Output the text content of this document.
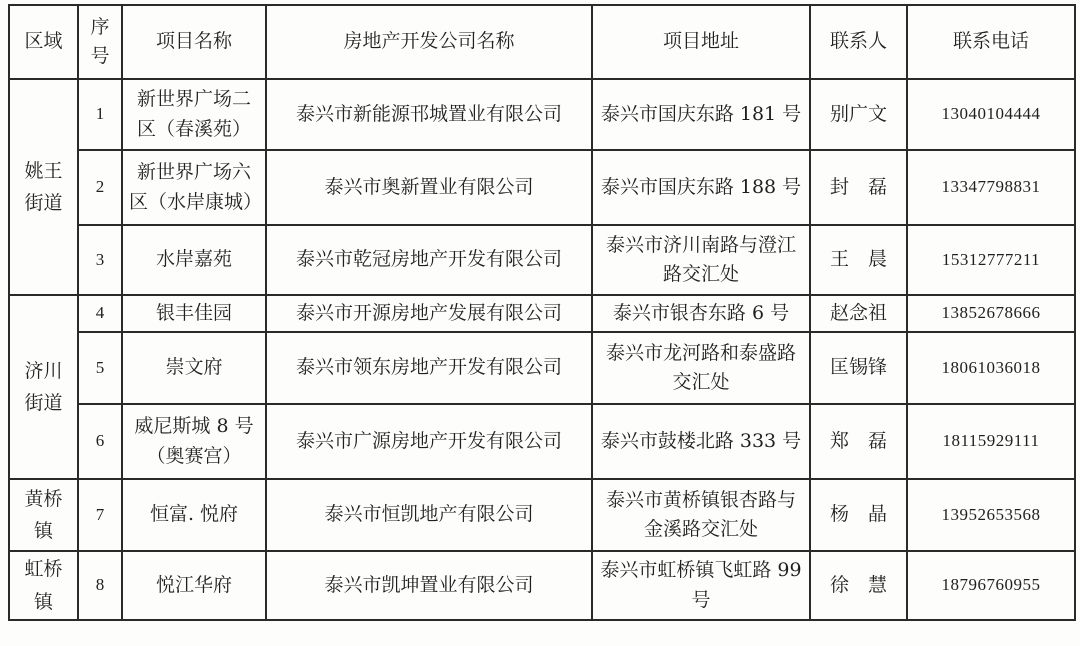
区域	序号	项目名称	房地产开发公司名称	项目地址	联系人	联系电话
姚王街道	1	新世界广场二区（春溪苑）	泰兴市新能源邗城置业有限公司	泰兴市国庆东路 181 号	别广文	13040104444
	2	新世界广场六区（水岸康城）	泰兴市奥新置业有限公司	泰兴市国庆东路 188 号	封　磊	13347798831
	3	水岸嘉苑	泰兴市乾冠房地产开发有限公司	泰兴市济川南路与澄江路交汇处	王　晨	15312777211
济川街道	4	银丰佳园	泰兴市开源房地产发展有限公司	泰兴市银杏东路 6 号	赵念祖	13852678666
	5	崇文府	泰兴市领东房地产开发有限公司	泰兴市龙河路和泰盛路交汇处	匡锡锋	18061036018
	6	威尼斯城 8 号（奥赛宫）	泰兴市广源房地产开发有限公司	泰兴市鼓楼北路 333 号	郑　磊	18115929111
黄桥镇	7	恒富. 悦府	泰兴市恒凯地产有限公司	泰兴市黄桥镇银杏路与金溪路交汇处	杨　晶	13952653568
虹桥镇	8	悦江华府	泰兴市凯坤置业有限公司	泰兴市虹桥镇飞虹路 99 号	徐　慧	18796760955
